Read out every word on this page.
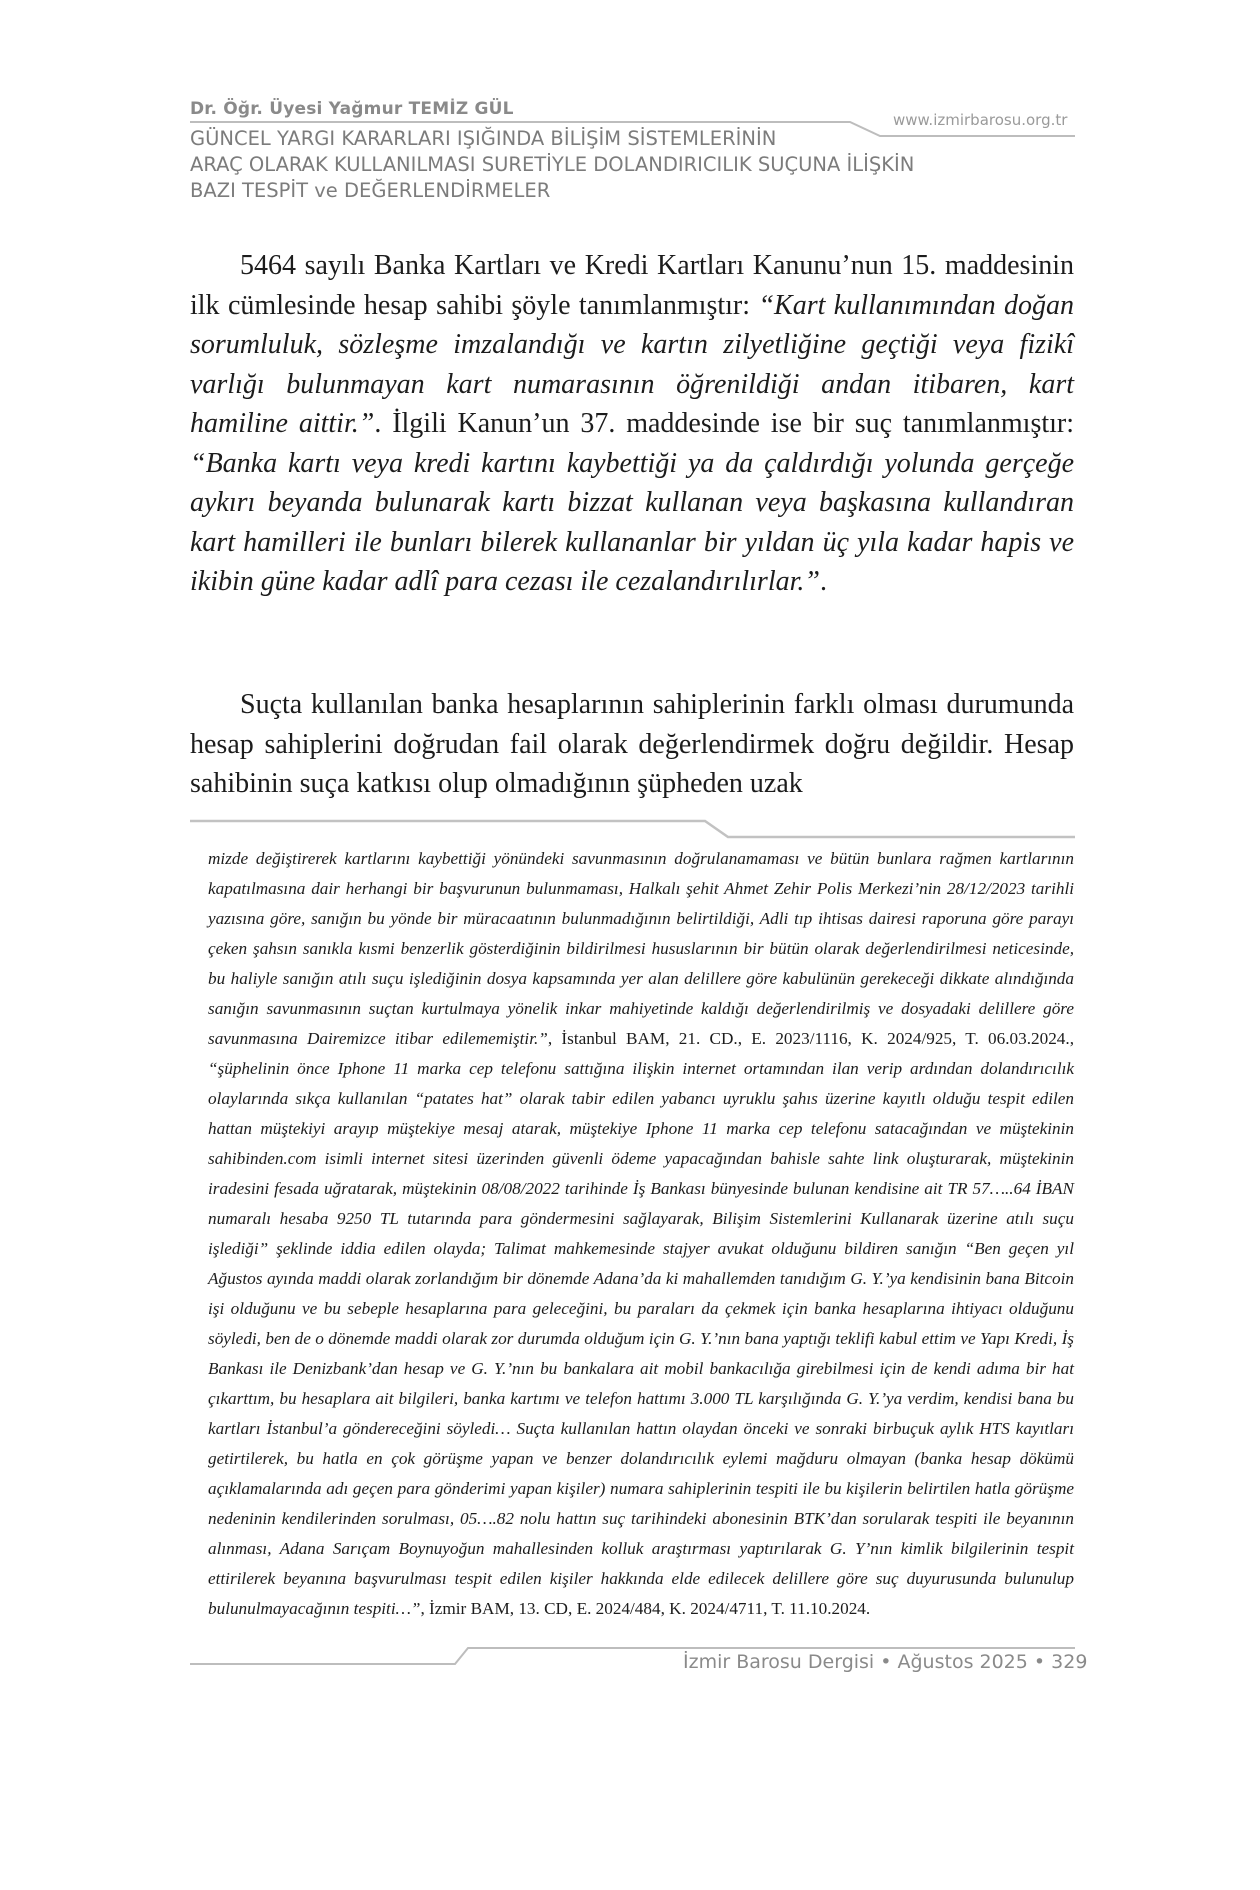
Dr. Öğr. Üyesi Yağmur TEMİZ GÜL
GÜNCEL YARGI KARARLARI IŞIĞINDA BİLİŞİM SİSTEMLERİNİN
ARAÇ OLARAK KULLANILMASI SURETİYLE DOLANDIRICILIK SUÇUNA İLİŞKİN
BAZI TESPİT ve DEĞERLENDİRMELER
www.izmirbarosu.org.tr

5464 sayılı Banka Kartları ve Kredi Kartları Kanunu’nun 15. maddesinin ilk cümlesinde hesap sahibi şöyle tanımlanmıştır: “Kart kullanımından doğan sorumluluk, sözleşme imzalandığı ve kartın zilyetliğine geçtiği veya fizikî varlığı bulunmayan kart numarasının öğrenildiği andan itibaren, kart hamiline aittir.”. İlgili Kanun’un 37. maddesinde ise bir suç tanımlanmıştır: “Banka kartı veya kredi kartını kaybettiği ya da çaldırdığı yolunda gerçeğe aykırı beyanda bulunarak kartı bizzat kullanan veya başkasına kullandıran kart hamilleri ile bunları bilerek kullananlar bir yıldan üç yıla kadar hapis ve ikibin güne kadar adlî para cezası ile cezalandırılırlar.”.

Suçta kullanılan banka hesaplarının sahiplerinin farklı olması durumunda hesap sahiplerini doğrudan fail olarak değerlendirmek doğru değildir. Hesap sahibinin suça katkısı olup olmadığının şüpheden uzak

mizde değiştirerek kartlarını kaybettiği yönündeki savunmasının doğrulanamaması ve bütün bunlara rağmen kartlarının kapatılmasına dair herhangi bir başvurunun bulunmaması, Halkalı şehit Ahmet Zehir Polis Merkezi’nin 28/12/2023 tarihli yazısına göre, sanığın bu yönde bir müracaatının bulunmadığının belirtildiği, Adli tıp ihtisas dairesi raporuna göre parayı çeken şahsın sanıkla kısmi benzerlik gösterdiğinin bildirilmesi hususlarının bir bütün olarak değerlendirilmesi neticesinde, bu haliyle sanığın atılı suçu işlediğinin dosya kapsamında yer alan delillere göre kabulünün gerekeceği dikkate alındığında sanığın savunmasının suçtan kurtulmaya yönelik inkar mahiyetinde kaldığı değerlendirilmiş ve dosyadaki delillere göre savunmasına Dairemizce itibar edilememiştir.”, İstanbul BAM, 21. CD., E. 2023/1116, K. 2024/925, T. 06.03.2024., “şüphelinin önce Iphone 11 marka cep telefonu sattığına ilişkin internet ortamından ilan verip ardından dolandırıcılık olaylarında sıkça kullanılan “patates hat” olarak tabir edilen yabancı uyruklu şahıs üzerine kayıtlı olduğu tespit edilen hattan müştekiyi arayıp müştekiye mesaj atarak, müştekiye Iphone 11 marka cep telefonu satacağından ve müştekinin sahibinden.com isimli internet sitesi üzerinden güvenli ödeme yapacağından bahisle sahte link oluşturarak, müştekinin iradesini fesada uğratarak, müştekinin 08/08/2022 tarihinde İş Bankası bünyesinde bulunan kendisine ait TR 57…..64 İBAN numaralı hesaba 9250 TL tutarında para göndermesini sağlayarak, Bilişim Sistemlerini Kullanarak üzerine atılı suçu işlediği” şeklinde iddia edilen olayda; Talimat mahkemesinde stajyer avukat olduğunu bildiren sanığın “Ben geçen yıl Ağustos ayında maddi olarak zorlandığım bir dönemde Adana’da ki mahallemden tanıdığım G. Y.’ya kendisinin bana Bitcoin işi olduğunu ve bu sebeple hesaplarına para geleceğini, bu paraları da çekmek için banka hesaplarına ihtiyacı olduğunu söyledi, ben de o dönemde maddi olarak zor durumda olduğum için G. Y.’nın bana yaptığı teklifi kabul ettim ve Yapı Kredi, İş Bankası ile Denizbank’dan hesap ve G. Y.’nın bu bankalara ait mobil bankacılığa girebilmesi için de kendi adıma bir hat çıkarttım, bu hesaplara ait bilgileri, banka kartımı ve telefon hattımı 3.000 TL karşılığında G. Y.’ya verdim, kendisi bana bu kartları İstanbul’a göndereceğini söyledi… Suçta kullanılan hattın olaydan önceki ve sonraki birbuçuk aylık HTS kayıtları getirtilerek, bu hatla en çok görüşme yapan ve benzer dolandırıcılık eylemi mağduru olmayan (banka hesap dökümü açıklamalarında adı geçen para gönderimi yapan kişiler) numara sahiplerinin tespiti ile bu kişilerin belirtilen hatla görüşme nedeninin kendilerinden sorulması, 05….82 nolu hattın suç tarihindeki abonesinin BTK’dan sorularak tespiti ile beyanının alınması, Adana Sarıçam Boynuyoğun mahallesinden kolluk araştırması yaptırılarak G. Y’nın kimlik bilgilerinin tespit ettirilerek beyanına başvurulması tespit edilen kişiler hakkında elde edilecek delillere göre suç duyurusunda bulunulup bulunulmayacağının tespiti…”, İzmir BAM, 13. CD, E. 2024/484, K. 2024/4711, T. 11.10.2024.
İzmir Barosu Dergisi • Ağustos 2025 • 329
